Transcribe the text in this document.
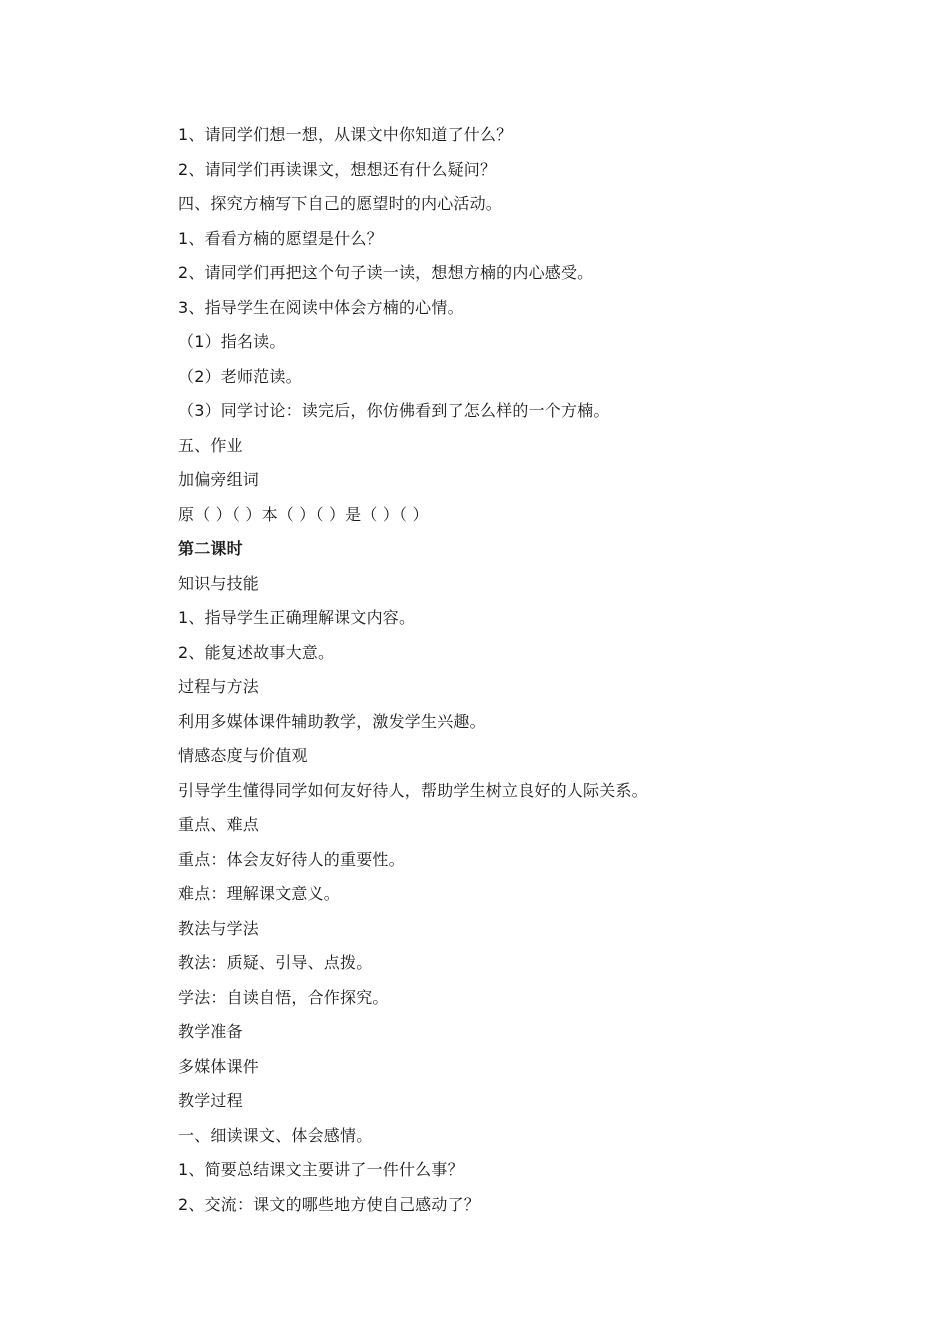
1、请同学们想一想，从课文中你知道了什么？
2、请同学们再读课文，想想还有什么疑问？
四、探究方楠写下自己的愿望时的内心活动。
1、看看方楠的愿望是什么？
2、请同学们再把这个句子读一读，想想方楠的内心感受。
3、指导学生在阅读中体会方楠的心情。
（1）指名读。
（2）老师范读。
（3）同学讨论：读完后，你仿佛看到了怎么样的一个方楠。
五、作业
加偏旁组词
原（ ）（ ）本（ ）（ ）是（ ）（ ）
第二课时
知识与技能
1、指导学生正确理解课文内容。
2、能复述故事大意。
过程与方法
利用多媒体课件辅助教学，激发学生兴趣。
情感态度与价值观
引导学生懂得同学如何友好待人，帮助学生树立良好的人际关系。
重点、难点
重点：体会友好待人的重要性。
难点：理解课文意义。
教法与学法
教法：质疑、引导、点拨。
学法：自读自悟，合作探究。
教学准备
多媒体课件
教学过程
一、细读课文、体会感情。
1、简要总结课文主要讲了一件什么事？
2、交流：课文的哪些地方使自己感动了？
